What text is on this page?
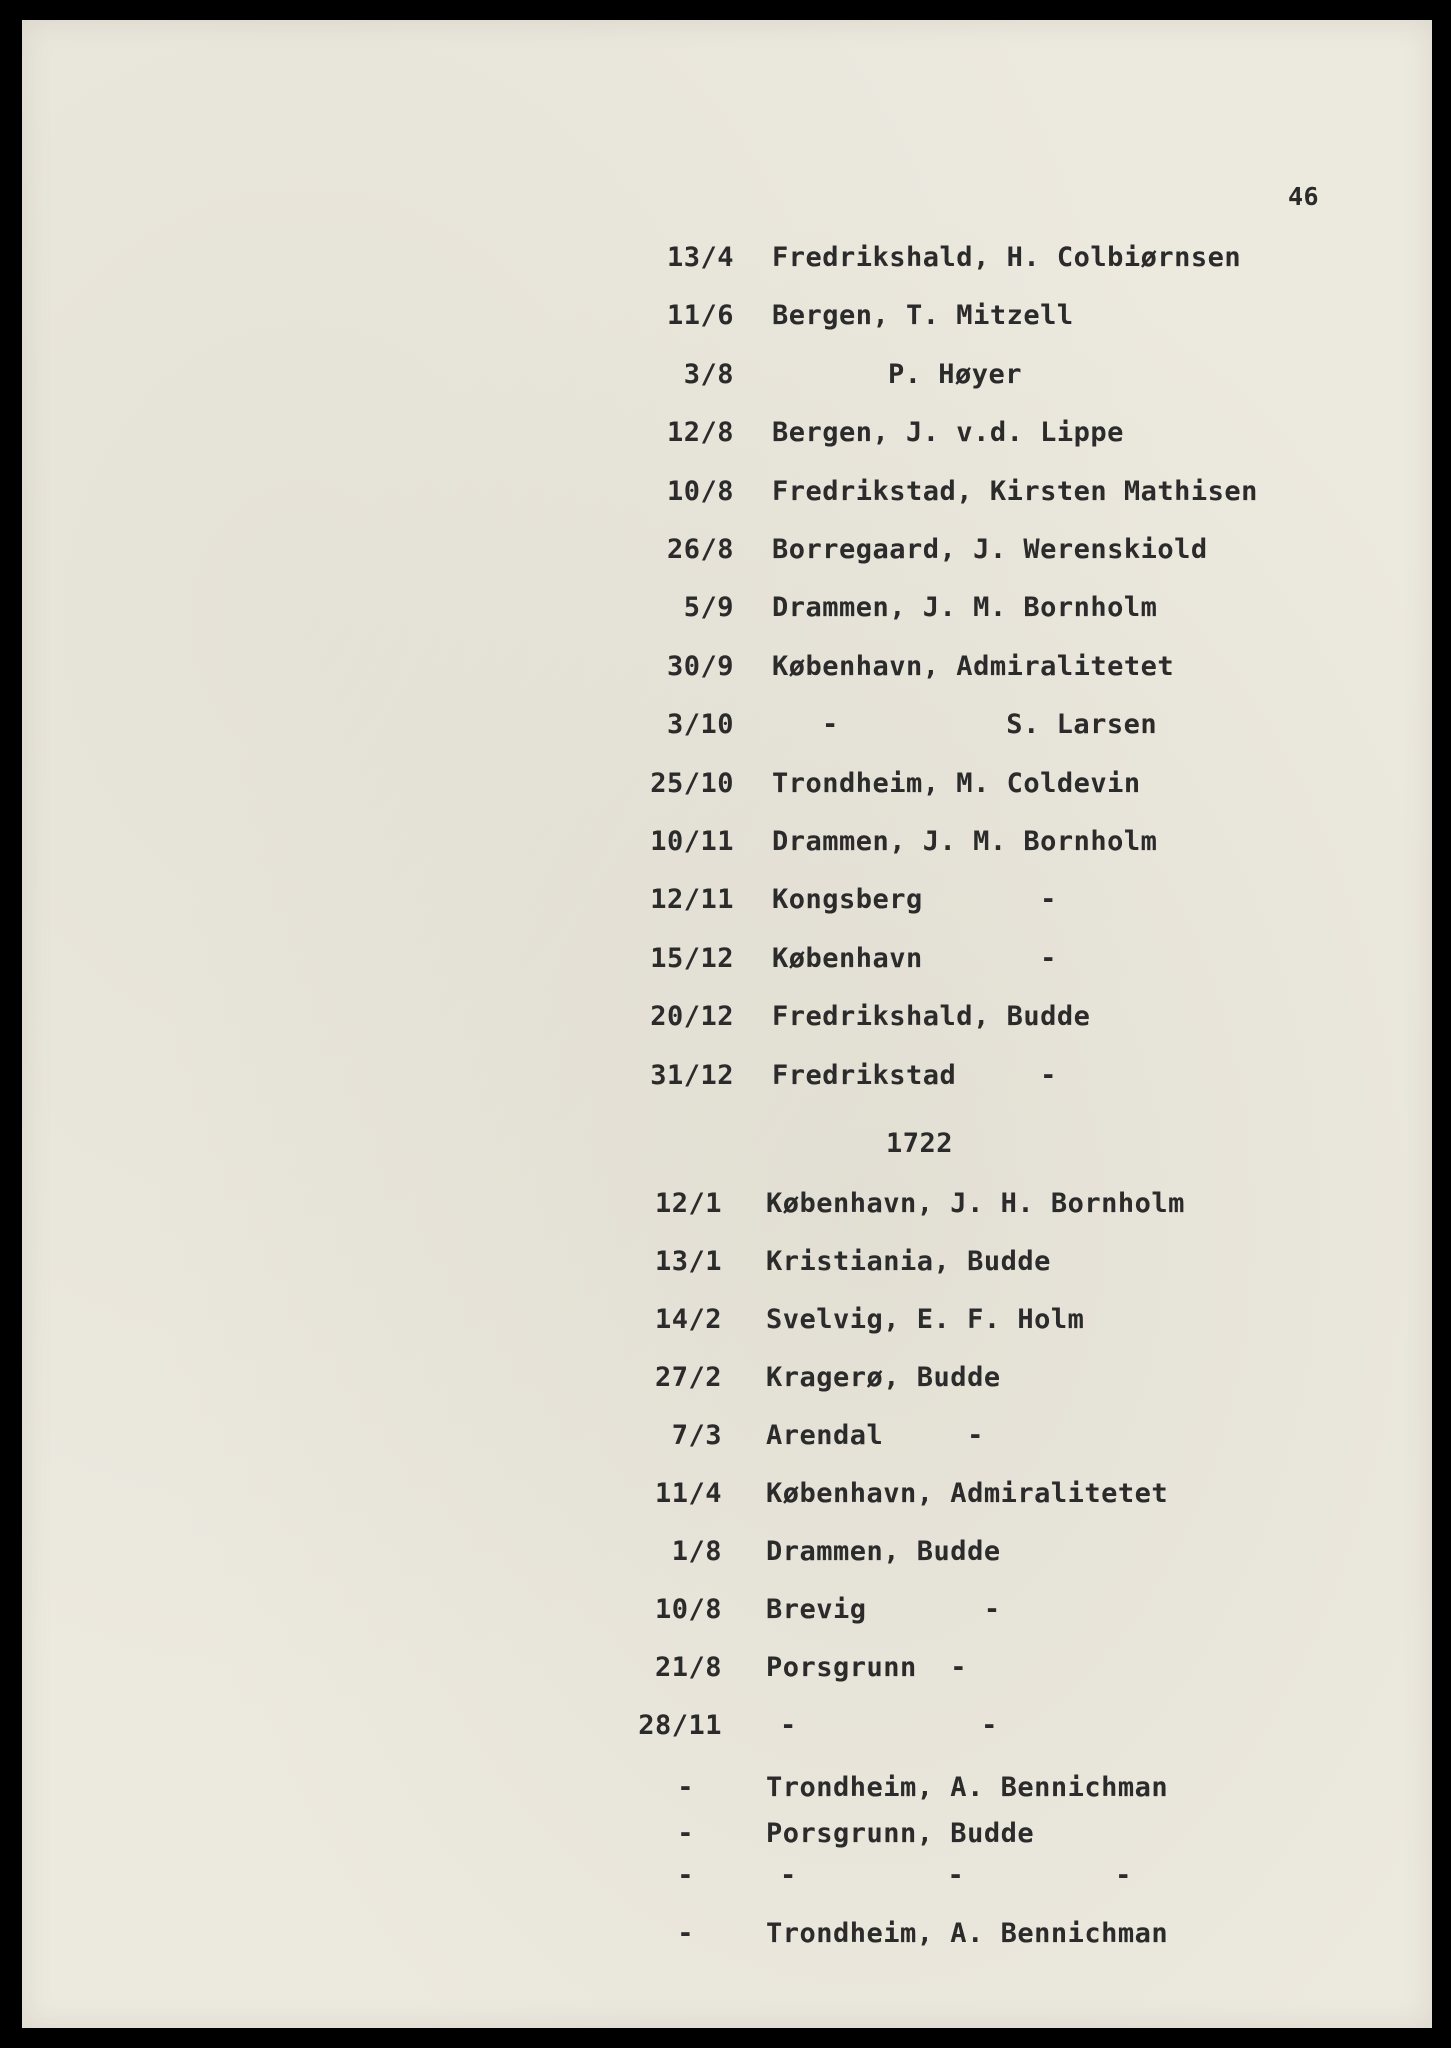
46
13/4 Fredrikshald, H. Colbiørnsen
11/6 Bergen, T. Mitzell
3/8	P. Høyer
12/8 Bergen, J. v.d. Lippe
10/8 Fredrikstad, Kirsten Mathisen
26/8 Borregaard, J. Werenskiold
5/9 Drammen, J. M. Bornholm
30/9 København, Admiralitetet
3/10	-          S. Larsen
25/10 Trondheim, M. Coldevin
10/11 Drammen, J. M. Bornholm
12/11 Kongsberg       -
15/12 København       -
20/12 Fredrikshald, Budde
31/12 Fredrikstad     -
1722
12/1 København, J. H. Bornholm
13/1 Kristiania, Budde
14/2 Svelvig, E. F. Holm
27/2 Kragerø, Budde
7/3 Arendal     -
11/4 København, Admiralitetet
1/8 Drammen, Budde
10/8 Brevig       -
21/8 Porsgrunn  -
28/11 -           -
-	Trondheim, A. Bennichman
-	Porsgrunn, Budde
-	-         -         -
-	Trondheim, A. Bennichman
